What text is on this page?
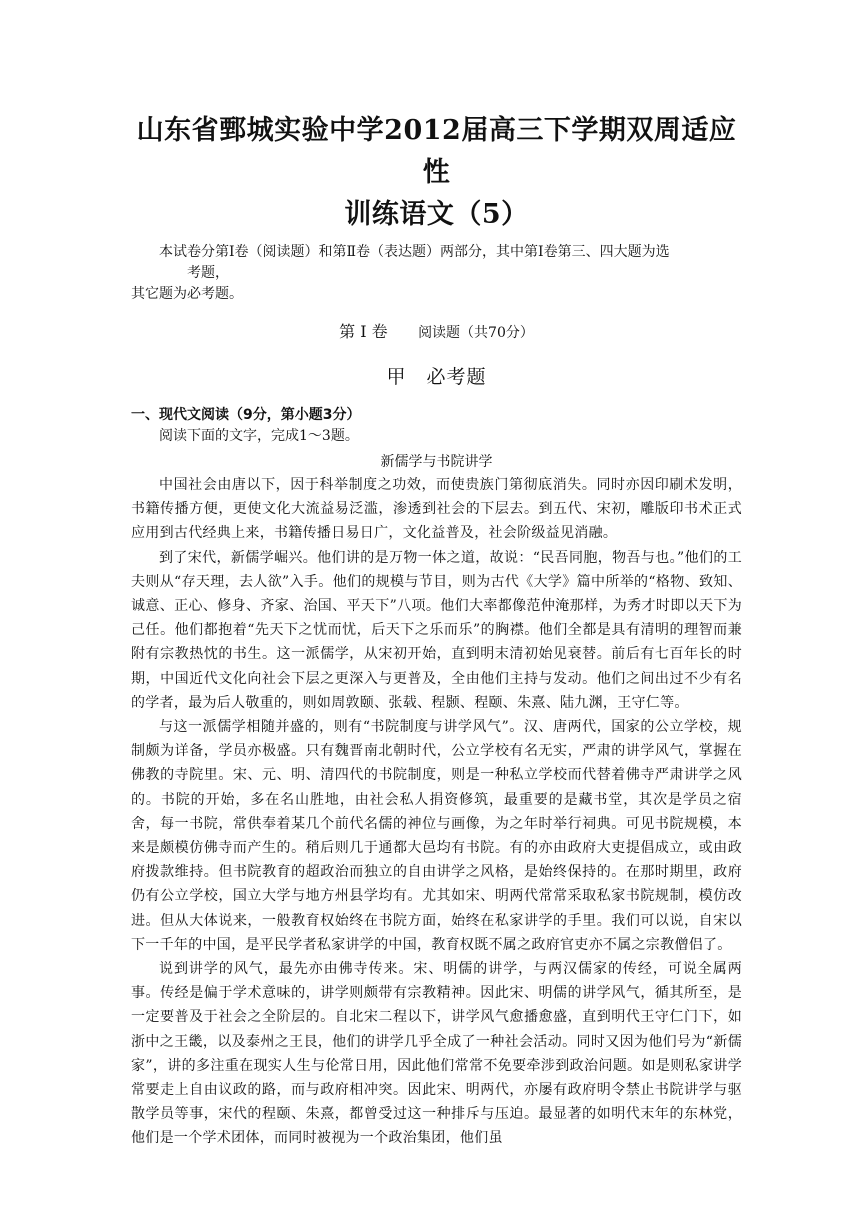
山东省鄄城实验中学2012届高三下学期双周适应性
训练语文（5）
本试卷分第Ⅰ卷（阅读题）和第Ⅱ卷（表达题）两部分，其中第Ⅰ卷第三、四大题为选
考题，
其它题为必考题。
第 Ⅰ 卷 阅读题（共70分）
甲　必考题
一、现代文阅读（9分，第小题3分）
阅读下面的文字，完成1～3题。
新儒学与书院讲学

中国社会由唐以下，因于科举制度之功效，而使贵族门第彻底消失。同时亦因印刷术发明，书籍传播方便，更使文化大流益易泛滥，渗透到社会的下层去。到五代、宋初，雕版印书术正式应用到古代经典上来，书籍传播日易日广，文化益普及，社会阶级益见消融。

到了宋代，新儒学崛兴。他们讲的是万物一体之道，故说：“民吾同胞，物吾与也。”他们的工夫则从“存天理，去人欲”入手。他们的规模与节目，则为古代《大学》篇中所举的“格物、致知、诚意、正心、修身、齐家、治国、平天下”八项。他们大率都像范仲淹那样，为秀才时即以天下为己任。他们都抱着“先天下之忧而忧，后天下之乐而乐”的胸襟。他们全都是具有清明的理智而兼附有宗教热忱的书生。这一派儒学，从宋初开始，直到明末清初始见衰替。前后有七百年长的时期，中国近代文化向社会下层之更深入与更普及，全由他们主持与发动。他们之间出过不少有名的学者，最为后人敬重的，则如周敦颐、张载、程颢、程颐、朱熹、陆九渊，王守仁等。

与这一派儒学相随并盛的，则有“书院制度与讲学风气”。汉、唐两代，国家的公立学校，规制颇为详备，学员亦极盛。只有魏晋南北朝时代，公立学校有名无实，严肃的讲学风气，掌握在佛教的寺院里。宋、元、明、清四代的书院制度，则是一种私立学校而代替着佛寺严肃讲学之风的。书院的开始，多在名山胜地，由社会私人捐资修筑，最重要的是藏书堂，其次是学员之宿舍，每一书院，常供奉着某几个前代名儒的神位与画像，为之年时举行祠典。可见书院规模，本来是颇模仿佛寺而产生的。稍后则几于通都大邑均有书院。有的亦由政府大吏提倡成立，或由政府拨款维持。但书院教育的超政治而独立的自由讲学之风格，是始终保持的。在那时期里，政府仍有公立学校，国立大学与地方州县学均有。尤其如宋、明两代常常采取私家书院规制，模仿改进。但从大体说来，一般教育权始终在书院方面，始终在私家讲学的手里。我们可以说，自宋以下一千年的中国，是平民学者私家讲学的中国，教育权既不属之政府官吏亦不属之宗教僧侣了。

说到讲学的风气，最先亦由佛寺传来。宋、明儒的讲学，与两汉儒家的传经，可说全属两事。传经是偏于学术意味的，讲学则颇带有宗教精神。因此宋、明儒的讲学风气，循其所至，是一定要普及于社会之全阶层的。自北宋二程以下，讲学风气愈播愈盛，直到明代王守仁门下，如浙中之王畿，以及泰州之王艮，他们的讲学几乎全成了一种社会活动。同时又因为他们号为“新儒家”，讲的多注重在现实人生与伦常日用，因此他们常常不免要牵涉到政治问题。如是则私家讲学常要走上自由议政的路，而与政府相冲突。因此宋、明两代，亦屡有政府明令禁止书院讲学与驱散学员等事，宋代的程颐、朱熹，都曾受过这一种排斥与压迫。最显著的如明代末年的东林党，他们是一个学术团体，而同时被视为一个政治集团，他们虽
